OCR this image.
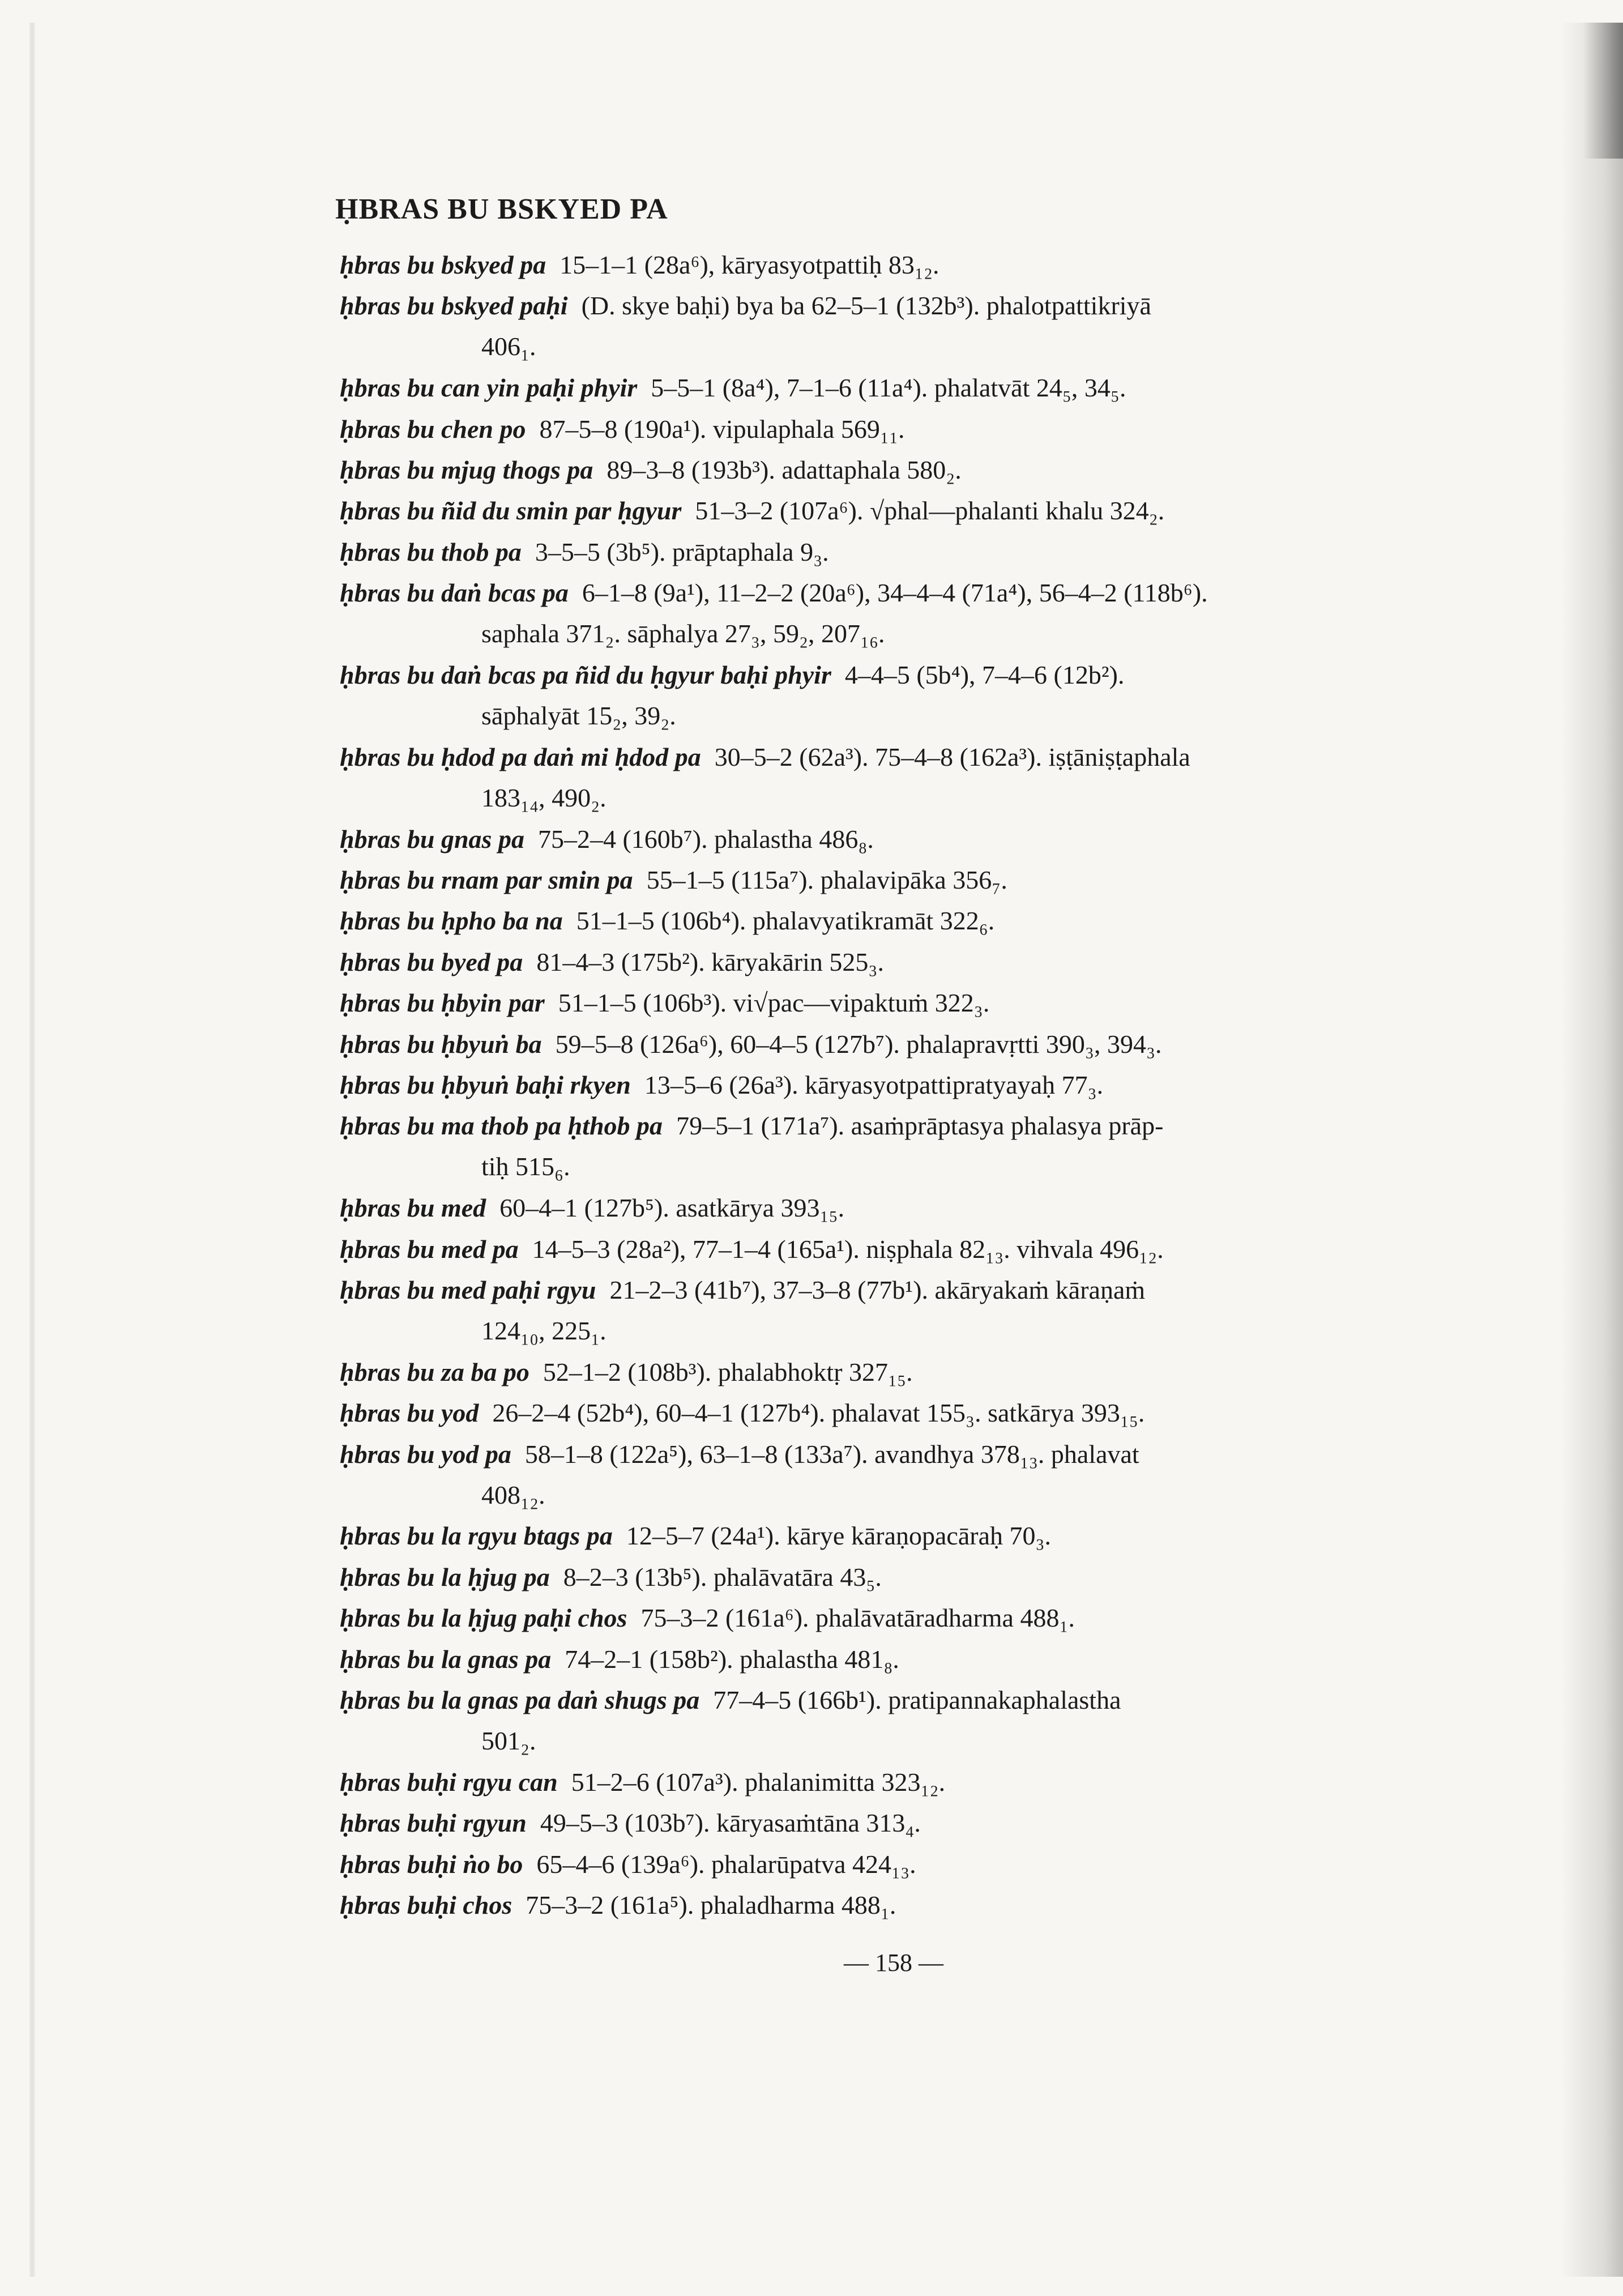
ḤBRAS BU BSKYED PA
ḥbras bu bskyed pa 15–1–1 (28a⁶), kāryasyotpattiḥ 83₁₂.
ḥbras bu bskyed paḥi (D. skye baḥi) bya ba 62–5–1 (132b³). phalotpattikriyā
406₁.
ḥbras bu can yin paḥi phyir 5–5–1 (8a⁴), 7–1–6 (11a⁴). phalatvāt 24₅, 34₅.
ḥbras bu chen po 87–5–8 (190a¹). vipulaphala 569₁₁.
ḥbras bu mjug thogs pa 89–3–8 (193b³). adattaphala 580₂.
ḥbras bu ñid du smin par ḥgyur 51–3–2 (107a⁶). √phal—phalanti khalu 324₂.
ḥbras bu thob pa 3–5–5 (3b⁵). prāptaphala 9₃.
ḥbras bu daṅ bcas pa 6–1–8 (9a¹), 11–2–2 (20a⁶), 34–4–4 (71a⁴), 56–4–2 (118b⁶).
saphala 371₂. sāphalya 27₃, 59₂, 207₁₆.
ḥbras bu daṅ bcas pa ñid du ḥgyur baḥi phyir 4–4–5 (5b⁴), 7–4–6 (12b²).
sāphalyāt 15₂, 39₂.
ḥbras bu ḥdod pa daṅ mi ḥdod pa 30–5–2 (62a³). 75–4–8 (162a³). iṣṭāniṣṭaphala
183₁₄, 490₂.
ḥbras bu gnas pa 75–2–4 (160b⁷). phalastha 486₈.
ḥbras bu rnam par smin pa 55–1–5 (115a⁷). phalavipāka 356₇.
ḥbras bu ḥpho ba na 51–1–5 (106b⁴). phalavyatikramāt 322₆.
ḥbras bu byed pa 81–4–3 (175b²). kāryakārin 525₃.
ḥbras bu ḥbyin par 51–1–5 (106b³). vi√pac—vipaktuṁ 322₃.
ḥbras bu ḥbyuṅ ba 59–5–8 (126a⁶), 60–4–5 (127b⁷). phalapravṛtti 390₃, 394₃.
ḥbras bu ḥbyuṅ baḥi rkyen 13–5–6 (26a³). kāryasyotpattipratyayaḥ 77₃.
ḥbras bu ma thob pa ḥthob pa 79–5–1 (171a⁷). asaṁprāptasya phalasya prāp-
tiḥ 515₆.
ḥbras bu med 60–4–1 (127b⁵). asatkārya 393₁₅.
ḥbras bu med pa 14–5–3 (28a²), 77–1–4 (165a¹). niṣphala 82₁₃. vihvala 496₁₂.
ḥbras bu med paḥi rgyu 21–2–3 (41b⁷), 37–3–8 (77b¹). akāryakaṁ kāraṇaṁ
124₁₀, 225₁.
ḥbras bu za ba po 52–1–2 (108b³). phalabhoktṛ 327₁₅.
ḥbras bu yod 26–2–4 (52b⁴), 60–4–1 (127b⁴). phalavat 155₃. satkārya 393₁₅.
ḥbras bu yod pa 58–1–8 (122a⁵), 63–1–8 (133a⁷). avandhya 378₁₃. phalavat
408₁₂.
ḥbras bu la rgyu btags pa 12–5–7 (24a¹). kārye kāraṇopacāraḥ 70₃.
ḥbras bu la ḥjug pa 8–2–3 (13b⁵). phalāvatāra 43₅.
ḥbras bu la ḥjug paḥi chos 75–3–2 (161a⁶). phalāvatāradharma 488₁.
ḥbras bu la gnas pa 74–2–1 (158b²). phalastha 481₈.
ḥbras bu la gnas pa daṅ shugs pa 77–4–5 (166b¹). pratipannakaphalastha
501₂.
ḥbras buḥi rgyu can 51–2–6 (107a³). phalanimitta 323₁₂.
ḥbras buḥi rgyun 49–5–3 (103b⁷). kāryasaṁtāna 313₄.
ḥbras buḥi ṅo bo 65–4–6 (139a⁶). phalarūpatva 424₁₃.
ḥbras buḥi chos 75–3–2 (161a⁵). phaladharma 488₁.
— 158 —
